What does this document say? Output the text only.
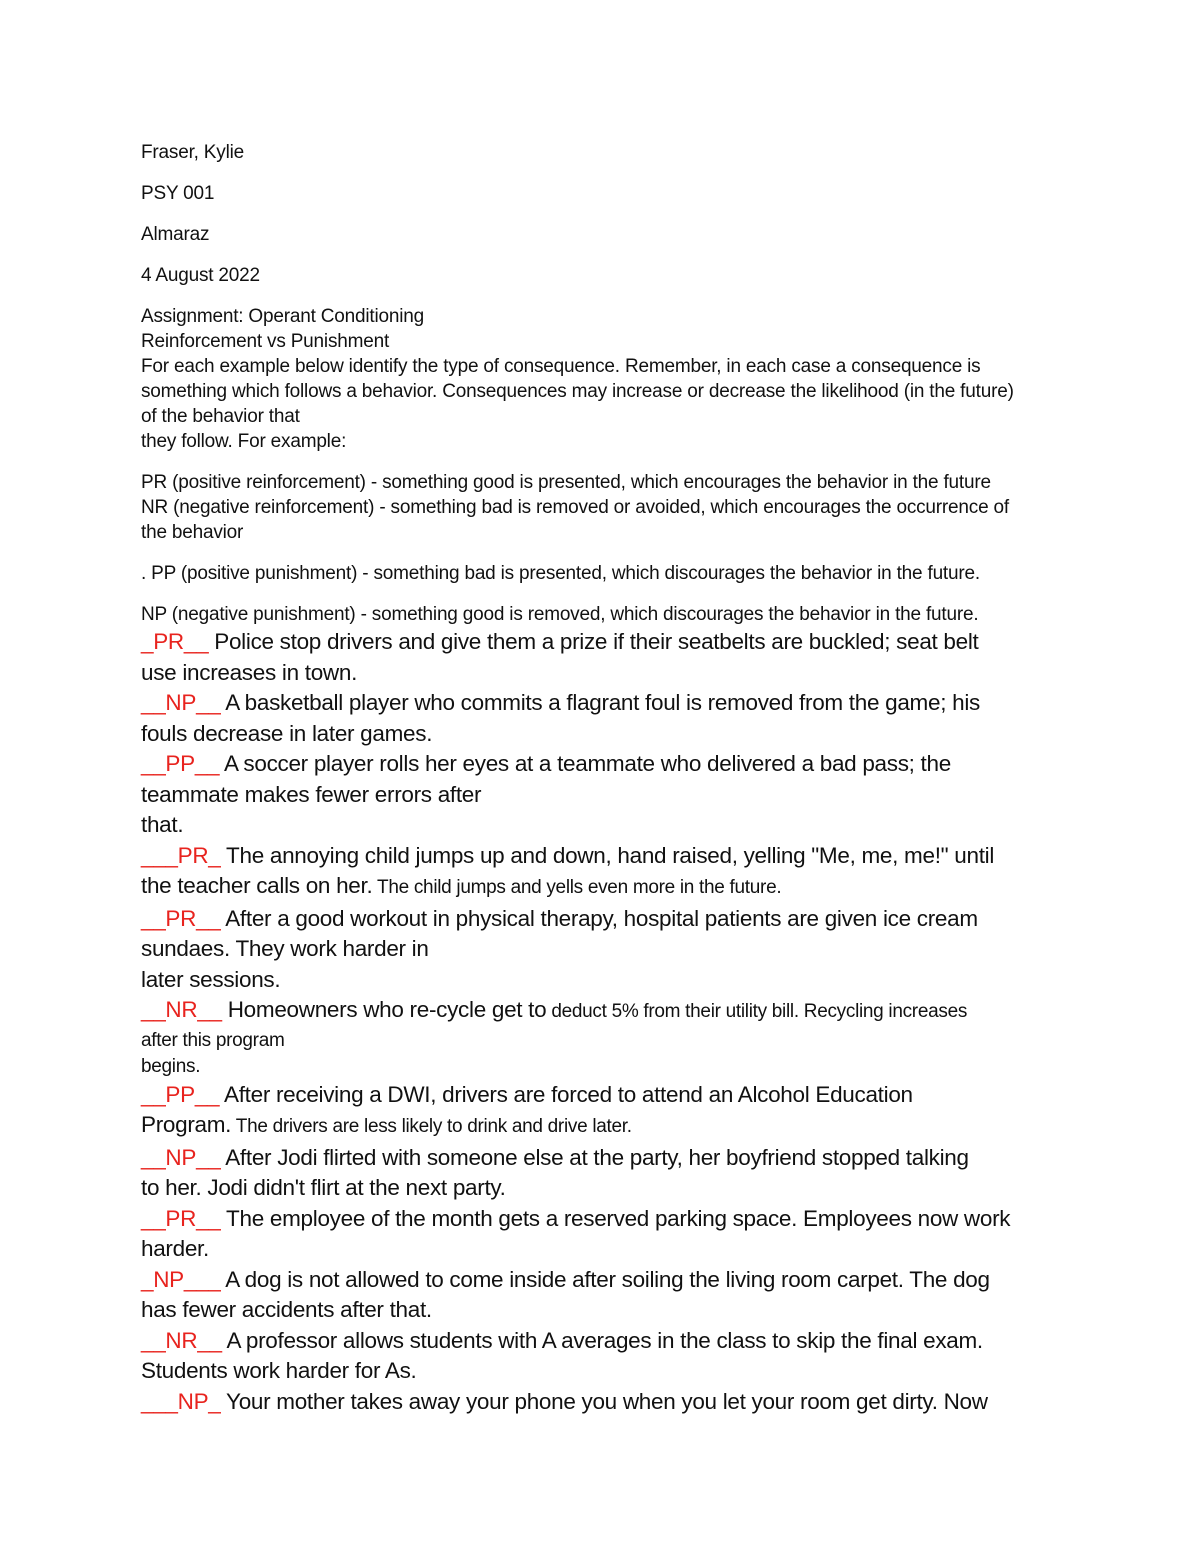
Fraser, Kylie

PSY 001

Almaraz

4 August 2022

Assignment: Operant Conditioning

Reinforcement vs Punishment

For each example below identify the type of consequence. Remember, in each case a consequence is

something which follows a behavior. Consequences may increase or decrease the likelihood (in the future)

of the behavior that

they follow. For example:

PR (positive reinforcement) - something good is presented, which encourages the behavior in the future

NR (negative reinforcement) - something bad is removed or avoided, which encourages the occurrence of

the behavior

. PP (positive punishment) - something bad is presented, which discourages the behavior in the future.

NP (negative punishment) - something good is removed, which discourages the behavior in the future.

_PR__ Police stop drivers and give them a prize if their seatbelts are buckled; seat belt
use increases in town.
__NP__ A basketball player who commits a flagrant foul is removed from the game; his
fouls decrease in later games.
__PP__ A soccer player rolls her eyes at a teammate who delivered a bad pass; the
teammate makes fewer errors after
that.
___PR_ The annoying child jumps up and down, hand raised, yelling "Me, me, me!" until
the teacher calls on her. The child jumps and yells even more in the future.
__PR__ After a good workout in physical therapy, hospital patients are given ice cream
sundaes. They work harder in
later sessions.
__NR__ Homeowners who re-cycle get to deduct 5% from their utility bill. Recycling increases
after this program
begins.
__PP__ After receiving a DWI, drivers are forced to attend an Alcohol Education
Program. The drivers are less likely to drink and drive later.
__NP__ After Jodi flirted with someone else at the party, her boyfriend stopped talking
to her. Jodi didn't flirt at the next party.
__PR__ The employee of the month gets a reserved parking space. Employees now work
harder.
_NP___ A dog is not allowed to come inside after soiling the living room carpet. The dog
has fewer accidents after that.
__NR__ A professor allows students with A averages in the class to skip the final exam.
Students work harder for As.
___NP_ Your mother takes away your phone you when you let your room get dirty. Now
